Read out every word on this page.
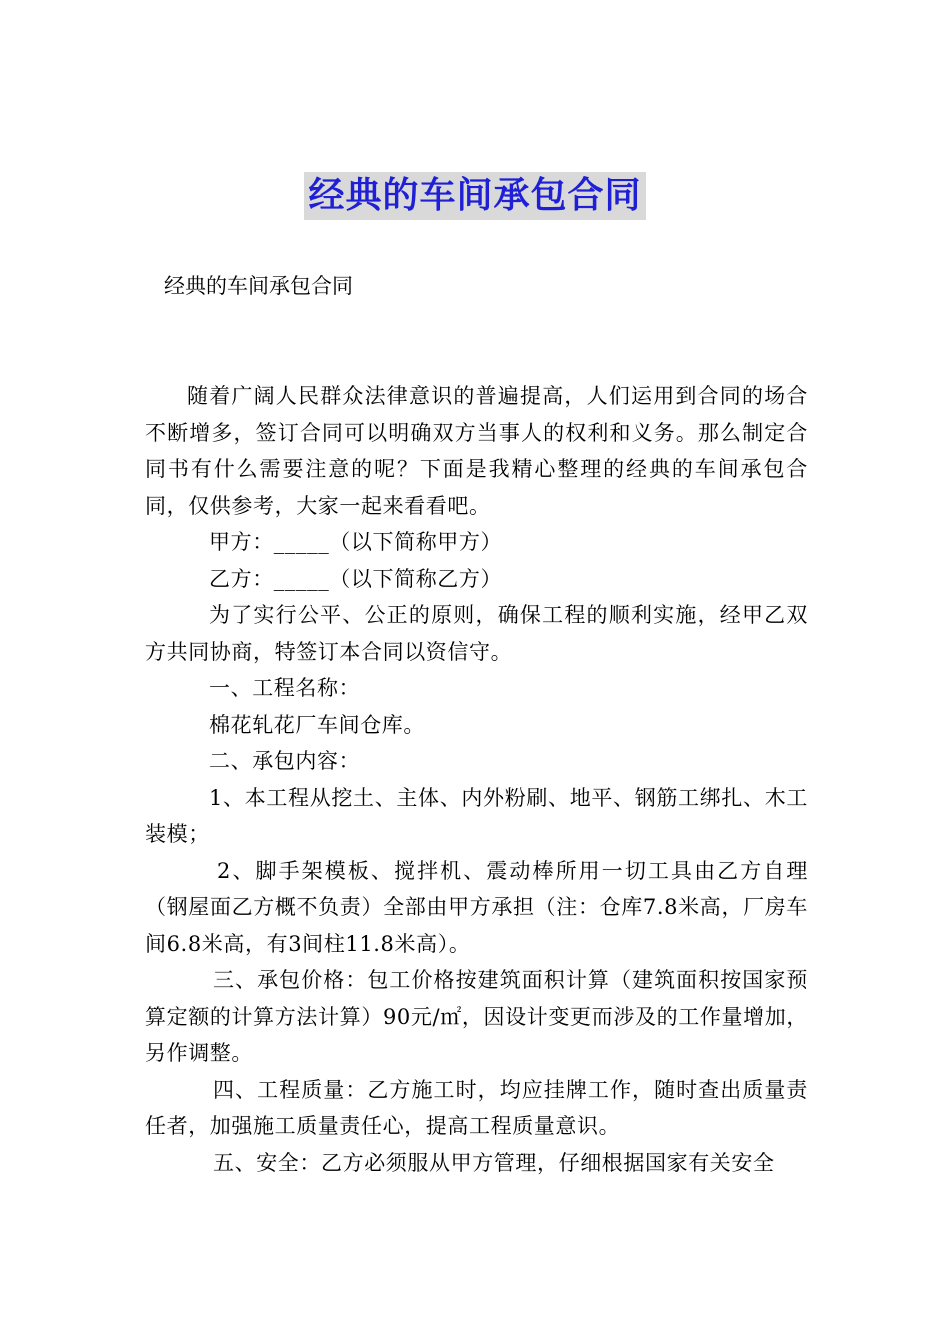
经典的车间承包合同
经典的车间承包合同

随着广阔人民群众法律意识的普遍提高，人们运用到合同的场合不断增多，签订合同可以明确双方当事人的权利和义务。那么制定合同书有什么需要注意的呢？下面是我精心整理的经典的车间承包合同，仅供参考，大家一起来看看吧。

甲方：_____（以下简称甲方）

乙方：_____（以下简称乙方）

为了实行公平、公正的原则，确保工程的顺利实施，经甲乙双方共同协商，特签订本合同以资信守。

一、工程名称：

棉花轧花厂车间仓库。

二、承包内容：

1、本工程从挖土、主体、内外粉刷、地平、钢筋工绑扎、木工装模；

2、脚手架模板、搅拌机、震动棒所用一切工具由乙方自理（钢屋面乙方概不负责）全部由甲方承担（注：仓库7.8米高，厂房车间6.8米高，有3间柱11.8米高）。

三、承包价格：包工价格按建筑面积计算（建筑面积按国家预算定额的计算方法计算）90元/㎡，因设计变更而涉及的工作量增加，另作调整。

四、工程质量：乙方施工时，均应挂牌工作，随时查出质量责任者，加强施工质量责任心，提高工程质量意识。

五、安全：乙方必须服从甲方管理，仔细根据国家有关安全
